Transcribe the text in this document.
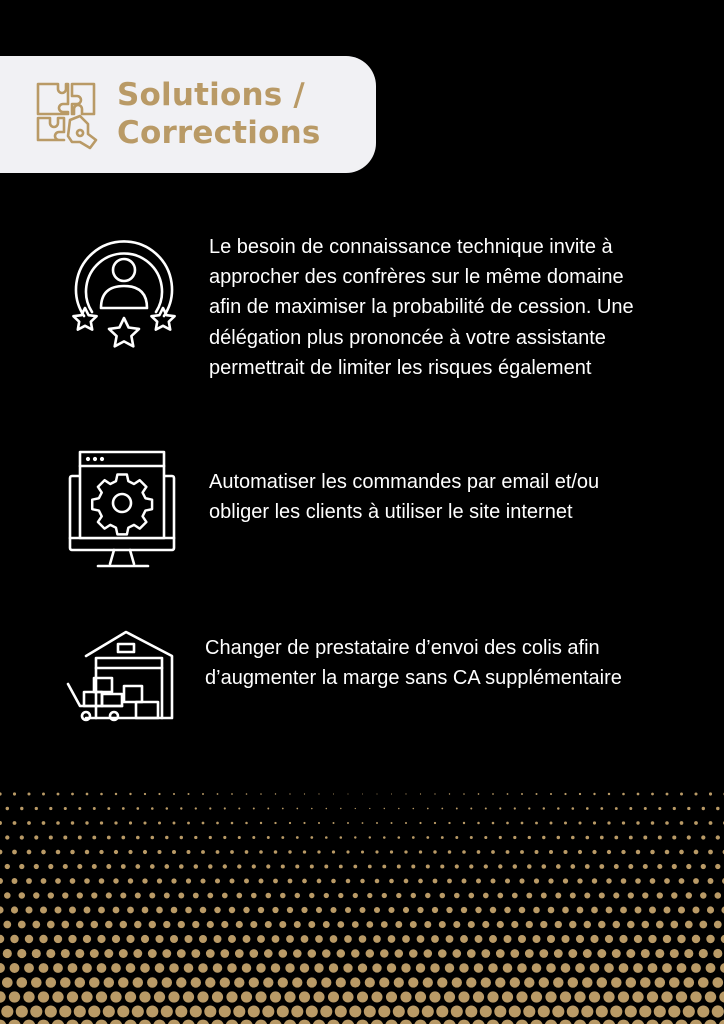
Solutions /
Corrections
Le besoin de connaissance technique invite à approcher des confrères sur le même domaine afin de maximiser la probabilité de cession. Une délégation plus prononcée à votre assistante permettrait de limiter les risques également
Automatiser les commandes par email et/ou obliger les clients à utiliser le site internet
Changer de prestataire d’envoi des colis afin d’augmenter la marge sans CA supplémentaire
